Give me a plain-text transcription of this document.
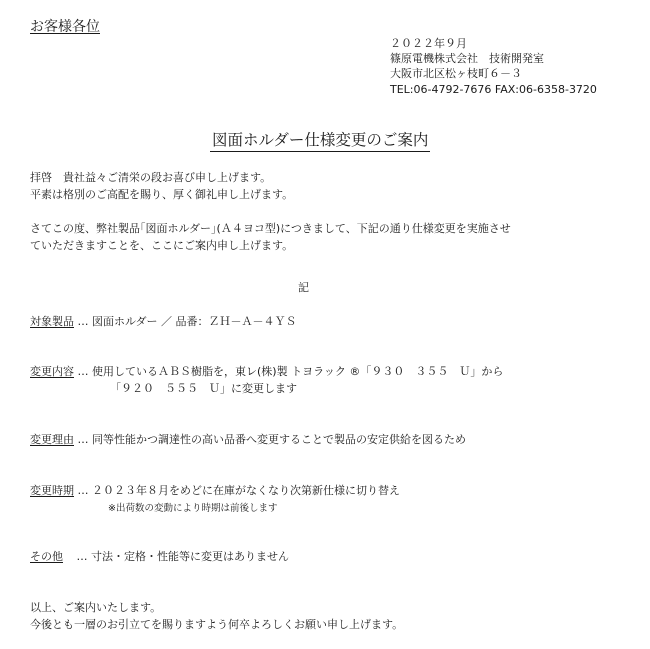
お客様各位
２０２２年９月
篠原電機株式会社　技術開発室
大阪市北区松ヶ枝町６－３
TEL:06-4792-7676 FAX:06-6358-3720
図面ホルダー仕様変更のご案内
拝啓　貴社益々ご清栄の段お喜び申し上げます。
平素は格別のご高配を賜り、厚く御礼申し上げます。
さてこの度、弊社製品｢図面ホルダー｣(Ａ４ヨコ型)につきまして、下記の通り仕様変更を実施させ
ていただきますことを、ここにご案内申し上げます。
記
対象製品 … 図面ホルダー ／ 品番：ＺＨ－Ａ－４ＹＳ
変更内容 … 使用しているＡＢＳ樹脂を，東レ(株)製 トヨラック ®「９３０　３５５　Ｕ」から
「９２０　５５５　Ｕ」に変更します
変更理由 … 同等性能かつ調達性の高い品番へ変更することで製品の安定供給を図るため
変更時期 … ２０２３年８月をめどに在庫がなくなり次第新仕様に切り替え
※出荷数の変動により時期は前後します
その他 … 寸法・定格・性能等に変更はありません
以上、ご案内いたします。
今後とも一層のお引立てを賜りますよう何卒よろしくお願い申し上げます。
